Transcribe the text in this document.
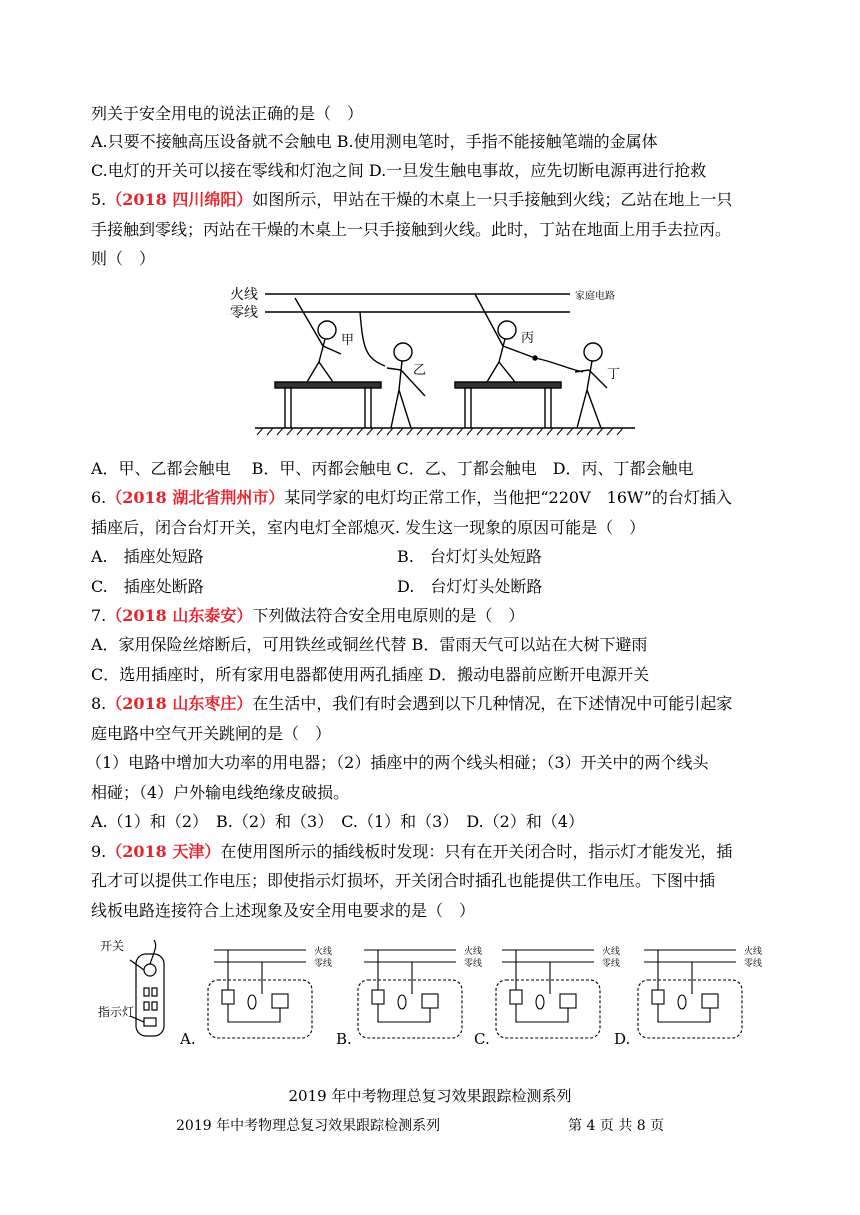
列关于安全用电的说法正确的是（　）
A.只要不接触高压设备就不会触电 B.使用测电笔时，手指不能接触笔端的金属体
C.电灯的开关可以接在零线和灯泡之间 D.一旦发生触电事故，应先切断电源再进行抢救
5.（2018 四川绵阳）如图所示，甲站在干燥的木桌上一只手接触到火线；乙站在地上一只
手接触到零线；丙站在干燥的木桌上一只手接触到火线。此时，丁站在地面上用手去拉丙。
则（　）
火线
零线
家庭电路
甲
乙
丙
丁
A．甲、乙都会触电　 B．甲、丙都会触电 C．乙、丁都会触电　D．丙、丁都会触电
6.（2018 湖北省荆州市）某同学家的电灯均正常工作，当他把“220V　16W”的台灯插入
插座后，闭合台灯开关，室内电灯全部熄灭. 发生这一现象的原因可能是（　）
A.　插座处短路	B.　台灯灯头处短路
C.　插座处断路	D.　台灯灯头处断路
7.（2018 山东泰安）下列做法符合安全用电原则的是（　）
A．家用保险丝熔断后，可用铁丝或铜丝代替 B．雷雨天气可以站在大树下避雨
C．选用插座时，所有家用电器都使用两孔插座 D．搬动电器前应断开电源开关
8.（2018 山东枣庄）在生活中，我们有时会遇到以下几种情况，在下述情况中可能引起家
庭电路中空气开关跳闸的是（　）
（1）电路中增加大功率的用电器；（2）插座中的两个线头相碰；（3）开关中的两个线头
相碰；（4）户外输电线绝缘皮破损。
A.（1）和（2）　B.（2）和（3）　C.（1）和（3）　D.（2）和（4）
9.（2018 天津）在使用图所示的插线板时发现：只有在开关闭合时，指示灯才能发光，插
孔才可以提供工作电压；即使指示灯损坏，开关闭合时插孔也能提供工作电压。下图中插
线板电路连接符合上述现象及安全用电要求的是（　）
火线
零线
火线
零线
火线
零线
火线
零线
开关
指示灯
A.	B.	C.	D.
2019 年中考物理总复习效果跟踪检测系列
2019 年中考物理总复习效果跟踪检测系列	第 4 页 共 8 页
